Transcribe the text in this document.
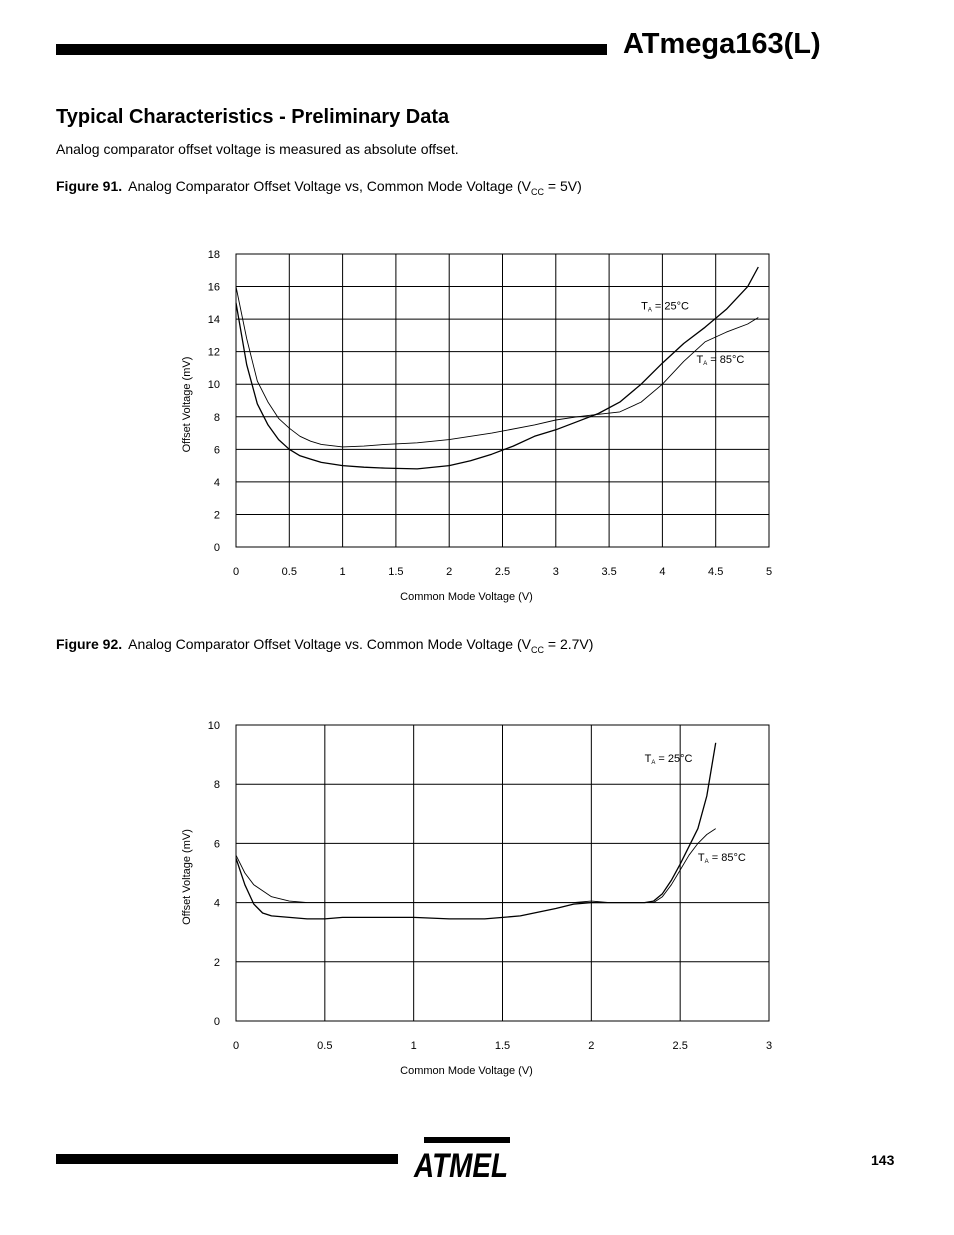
ATmega163(L)
Typical Characteristics - Preliminary Data
Analog comparator offset voltage is measured as absolute offset.
Figure 91. Analog Comparator Offset Voltage vs, Common Mode Voltage $(V_{CC} = 5V)$
0	0.5	1	1.5	2	2.5	3	3.5	4	4.5	5
0
2
4
6
8
10
12
14
16
18
Common Mode Voltage (V)
Offset Voltage (mV)
TA = 25°C
TA = 85°C
Figure 92. Analog Comparator Offset Voltage vs. Common Mode Voltage $(V_{CC} = 2.7V)$
0	0.5	1	1.5	2	2.5	3
0
2
4
6
8
10
Common Mode Voltage (V)
Offset Voltage (mV)
TA = 25°C
TA = 85°C
ATMEL	143
